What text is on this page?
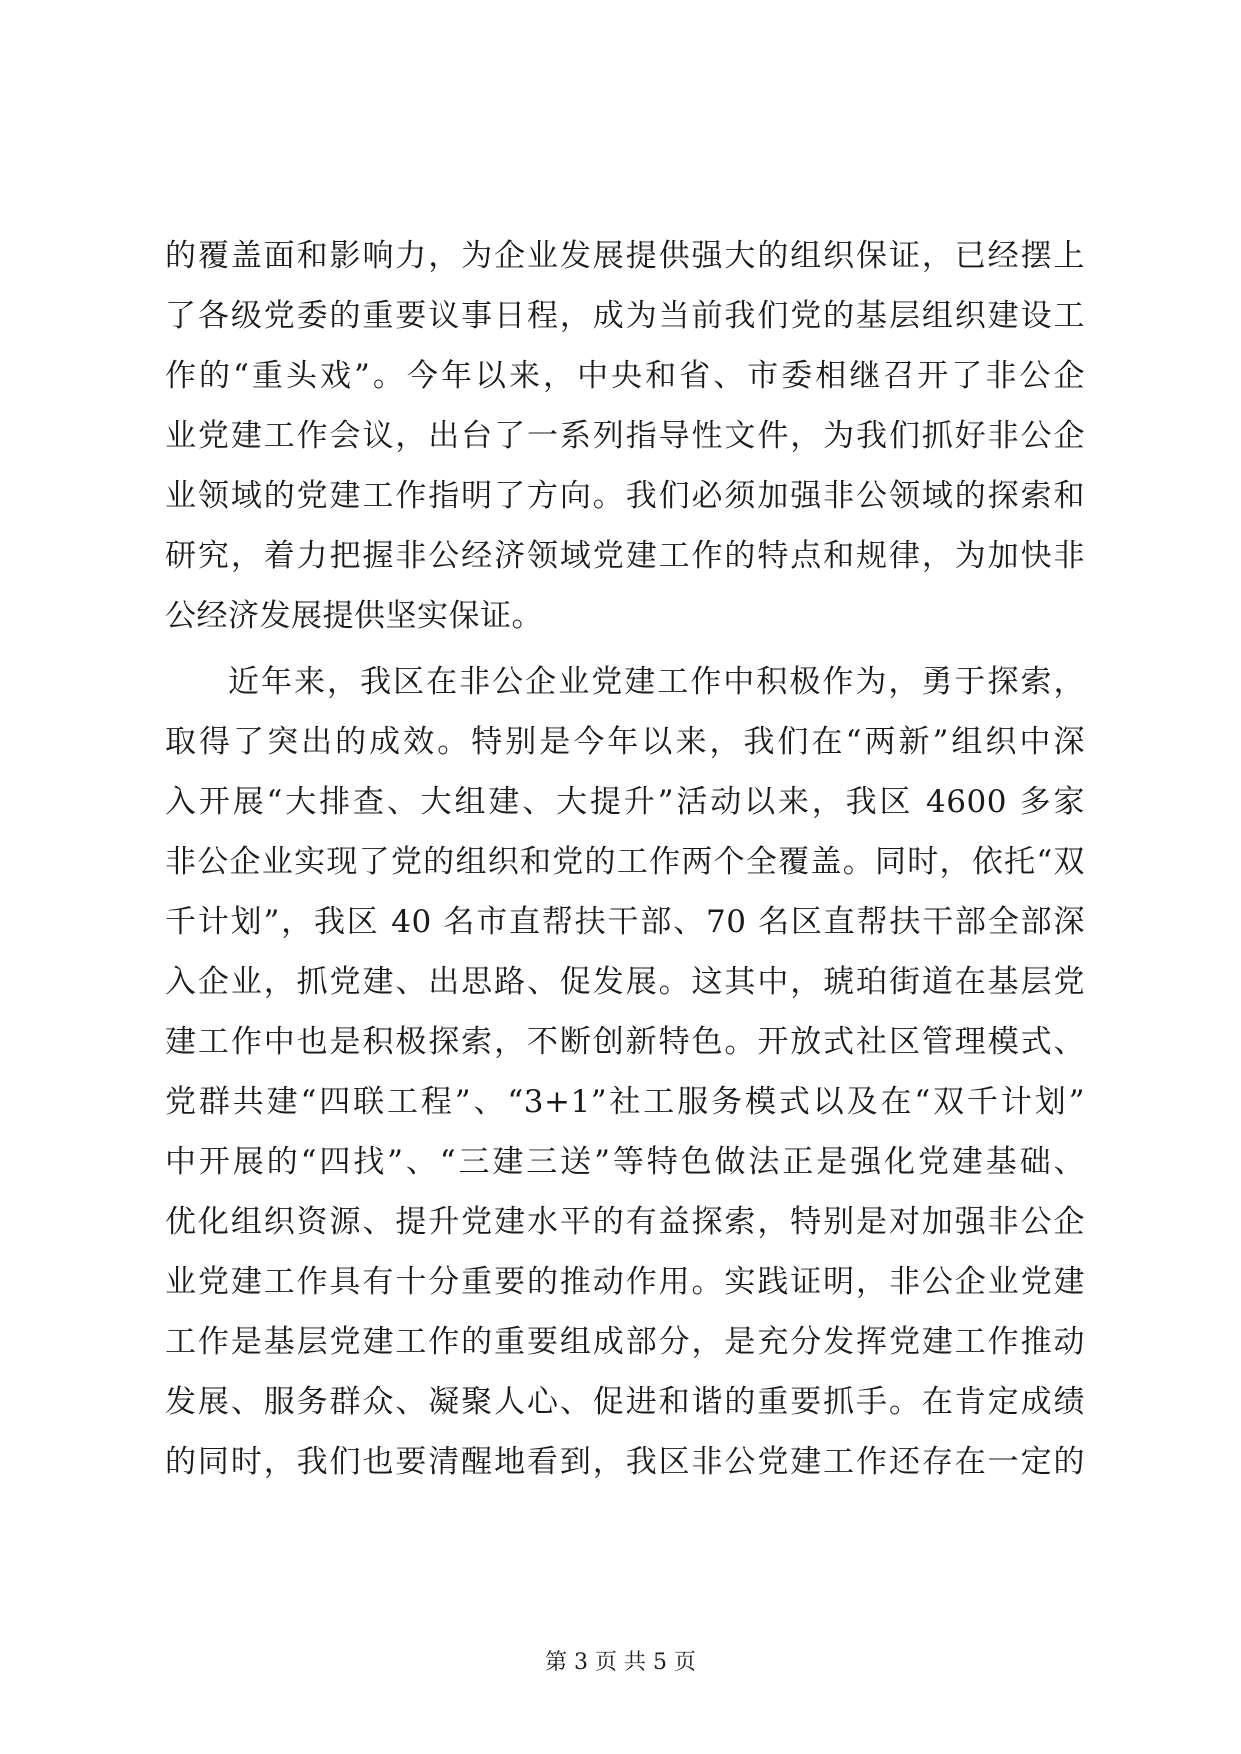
的覆盖面和影响力，为企业发展提供强大的组织保证，已经摆上
了各级党委的重要议事日程，成为当前我们党的基层组织建设工
作的“重头戏”。今年以来，中央和省、市委相继召开了非公企
业党建工作会议，出台了一系列指导性文件，为我们抓好非公企
业领域的党建工作指明了方向。我们必须加强非公领域的探索和
研究，着力把握非公经济领域党建工作的特点和规律，为加快非
公经济发展提供坚实保证。
近年来，我区在非公企业党建工作中积极作为，勇于探索，
取得了突出的成效。特别是今年以来，我们在“两新”组织中深
入开展“大排查、大组建、大提升”活动以来，我区 4600 多家
非公企业实现了党的组织和党的工作两个全覆盖。同时，依托“双
千计划”，我区 40 名市直帮扶干部、70 名区直帮扶干部全部深
入企业，抓党建、出思路、促发展。这其中，琥珀街道在基层党
建工作中也是积极探索，不断创新特色。开放式社区管理模式、
党群共建“四联工程”、“3+1”社工服务模式以及在“双千计划”
中开展的“四找”、“三建三送”等特色做法正是强化党建基础、
优化组织资源、提升党建水平的有益探索，特别是对加强非公企
业党建工作具有十分重要的推动作用。实践证明，非公企业党建
工作是基层党建工作的重要组成部分，是充分发挥党建工作推动
发展、服务群众、凝聚人心、促进和谐的重要抓手。在肯定成绩
的同时，我们也要清醒地看到，我区非公党建工作还存在一定的
第 3 页 共 5 页
